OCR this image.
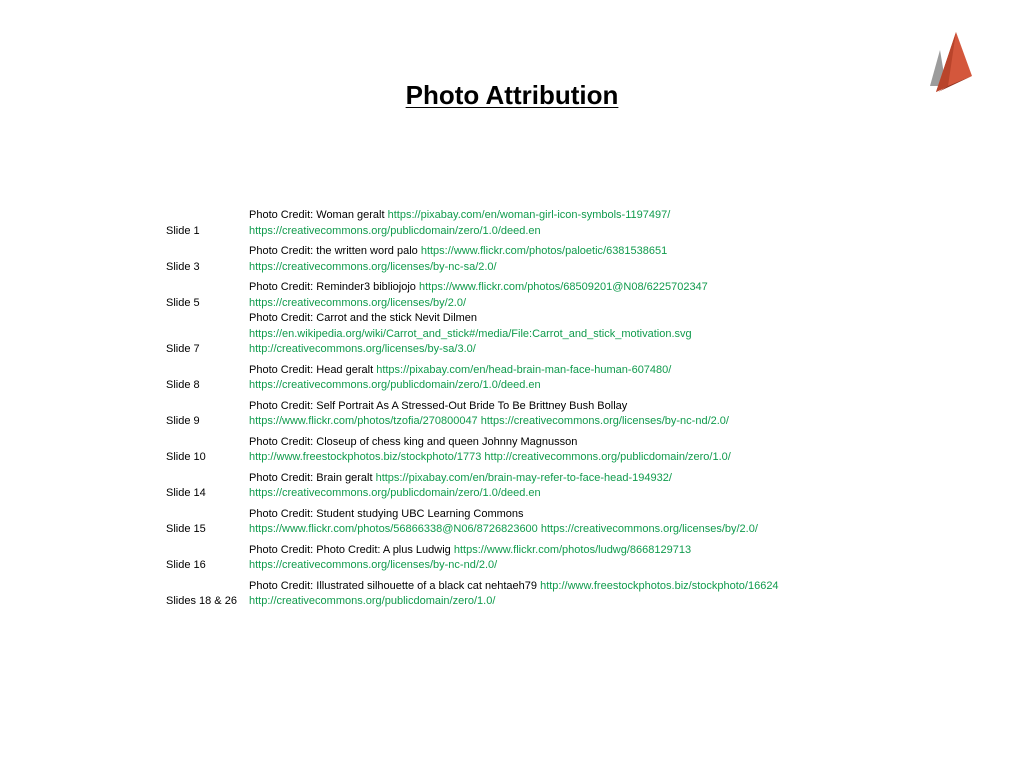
Photo Attribution
Slide 1
Photo Credit: Woman geralt https://pixabay.com/en/woman-girl-icon-symbols-1197497/
https://creativecommons.org/publicdomain/zero/1.0/deed.en
Slide 3
Photo Credit: the written word palo https://www.flickr.com/photos/paloetic/6381538651
https://creativecommons.org/licenses/by-nc-sa/2.0/
Slide 5
Photo Credit: Reminder3 bibliojojo https://www.flickr.com/photos/68509201@N08/6225702347
https://creativecommons.org/licenses/by/2.0/
Slide 7
Photo Credit: Carrot and the stick Nevit Dilmen
https://en.wikipedia.org/wiki/Carrot_and_stick#/media/File:Carrot_and_stick_motivation.svg
http://creativecommons.org/licenses/by-sa/3.0/
Slide 8
Photo Credit: Head geralt https://pixabay.com/en/head-brain-man-face-human-607480/
https://creativecommons.org/publicdomain/zero/1.0/deed.en
Slide 9
Photo Credit: Self Portrait As A Stressed-Out Bride To Be Brittney Bush Bollay
https://www.flickr.com/photos/tzofia/270800047 https://creativecommons.org/licenses/by-nc-nd/2.0/
Slide 10
Photo Credit: Closeup of chess king and queen Johnny Magnusson
http://www.freestockphotos.biz/stockphoto/1773 http://creativecommons.org/publicdomain/zero/1.0/
Slide 14
Photo Credit: Brain geralt https://pixabay.com/en/brain-may-refer-to-face-head-194932/
https://creativecommons.org/publicdomain/zero/1.0/deed.en
Slide 15
Photo Credit: Student studying UBC Learning Commons
https://www.flickr.com/photos/56866338@N06/8726823600 https://creativecommons.org/licenses/by/2.0/
Slide 16
Photo Credit: Photo Credit: A plus Ludwig https://www.flickr.com/photos/ludwg/8668129713
https://creativecommons.org/licenses/by-nc-nd/2.0/
Slides 18 & 26
Photo Credit: Illustrated silhouette of a black cat nehtaeh79 http://www.freestockphotos.biz/stockphoto/16624
http://creativecommons.org/publicdomain/zero/1.0/
